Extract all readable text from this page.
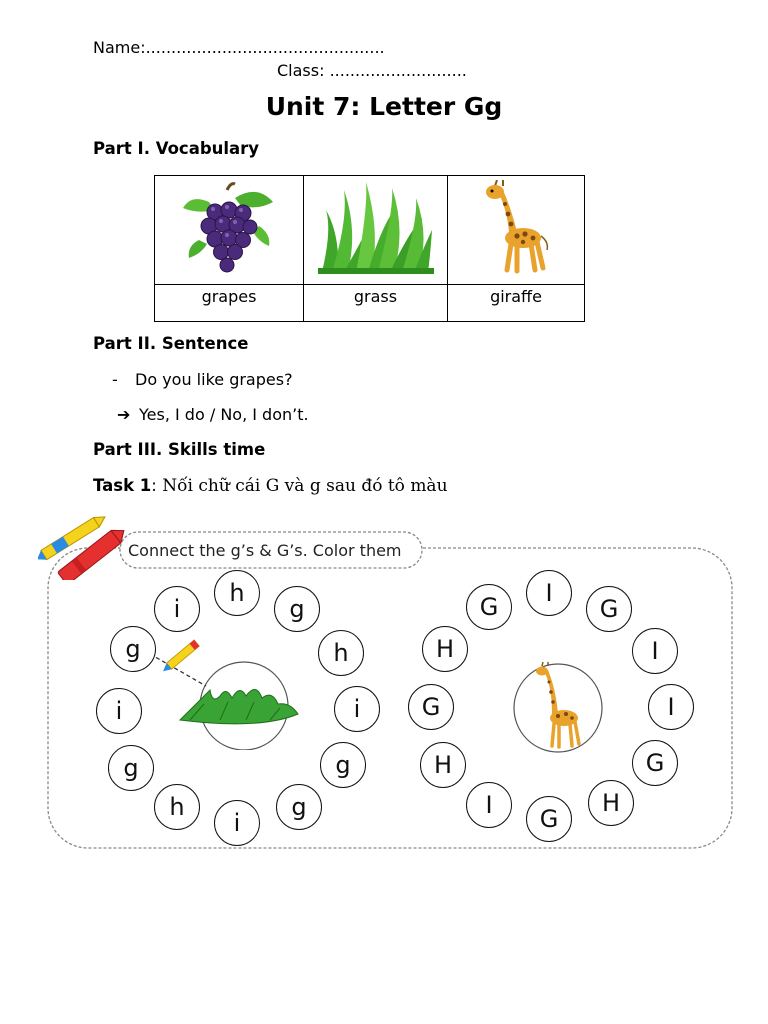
Name:...............................................
Class: ...........................
Unit 7: Letter Gg
Part I. Vocabulary

grapes	grass	giraffe
Part II. Sentence
- Do you like grapes?
➔ Yes, I do / No, I don’t.
Part III. Skills time
Task 1: Nối chữ cái G và g sau đó tô màu
Connect the g’s & G’s. Color them
h
g
h
i
g
g
i
h
g
i
g
i
I
G
I
I
G
H
G
I
H
G
H
G
